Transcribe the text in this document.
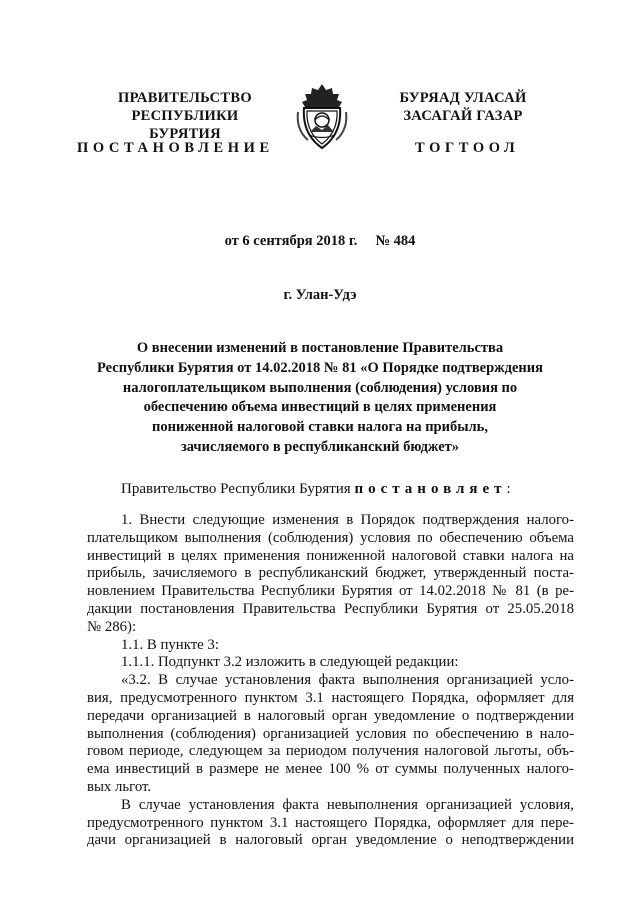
ПРАВИТЕЛЬСТВО
РЕСПУБЛИКИ БУРЯТИЯ
БУРЯАД УЛАСАЙ
ЗАСАГАЙ ГАЗАР
ПОСТАНОВЛЕНИЕ	ТОГТООЛ
от 6 сентября 2018 г. № 484
г. Улан-Удэ
О внесении изменений в постановление Правительства
Республики Бурятия от 14.02.2018 № 81 «О Порядке подтверждения
налогоплательщиком выполнения (соблюдения) условия по
обеспечению объема инвестиций в целях применения
пониженной налоговой ставки налога на прибыль,
зачисляемого в республиканский бюджет»
Правительство Республики Бурятия постановляет:
1. Внести следующие изменения в Порядок подтверждения налого-
плательщиком выполнения (соблюдения) условия по обеспечению объема
инвестиций в целях применения пониженной налоговой ставки налога на
прибыль, зачисляемого в республиканский бюджет, утвержденный поста-
новлением Правительства Республики Бурятия от 14.02.2018 № 81 (в ре-
дакции постановления Правительства Республики Бурятия от 25.05.2018
№ 286):
1.1. В пункте 3:
1.1.1. Подпункт 3.2 изложить в следующей редакции:
«3.2. В случае установления факта выполнения организацией усло-
вия, предусмотренного пунктом 3.1 настоящего Порядка, оформляет для
передачи организацией в налоговый орган уведомление о подтверждении
выполнения (соблюдения) организацией условия по обеспечению в нало-
говом периоде, следующем за периодом получения налоговой льготы, объ-
ема инвестиций в размере не менее 100 % от суммы полученных налого-
вых льгот.
В случае установления факта невыполнения организацией условия,
предусмотренного пунктом 3.1 настоящего Порядка, оформляет для пере-
дачи организацией в налоговый орган уведомление о неподтверждении
